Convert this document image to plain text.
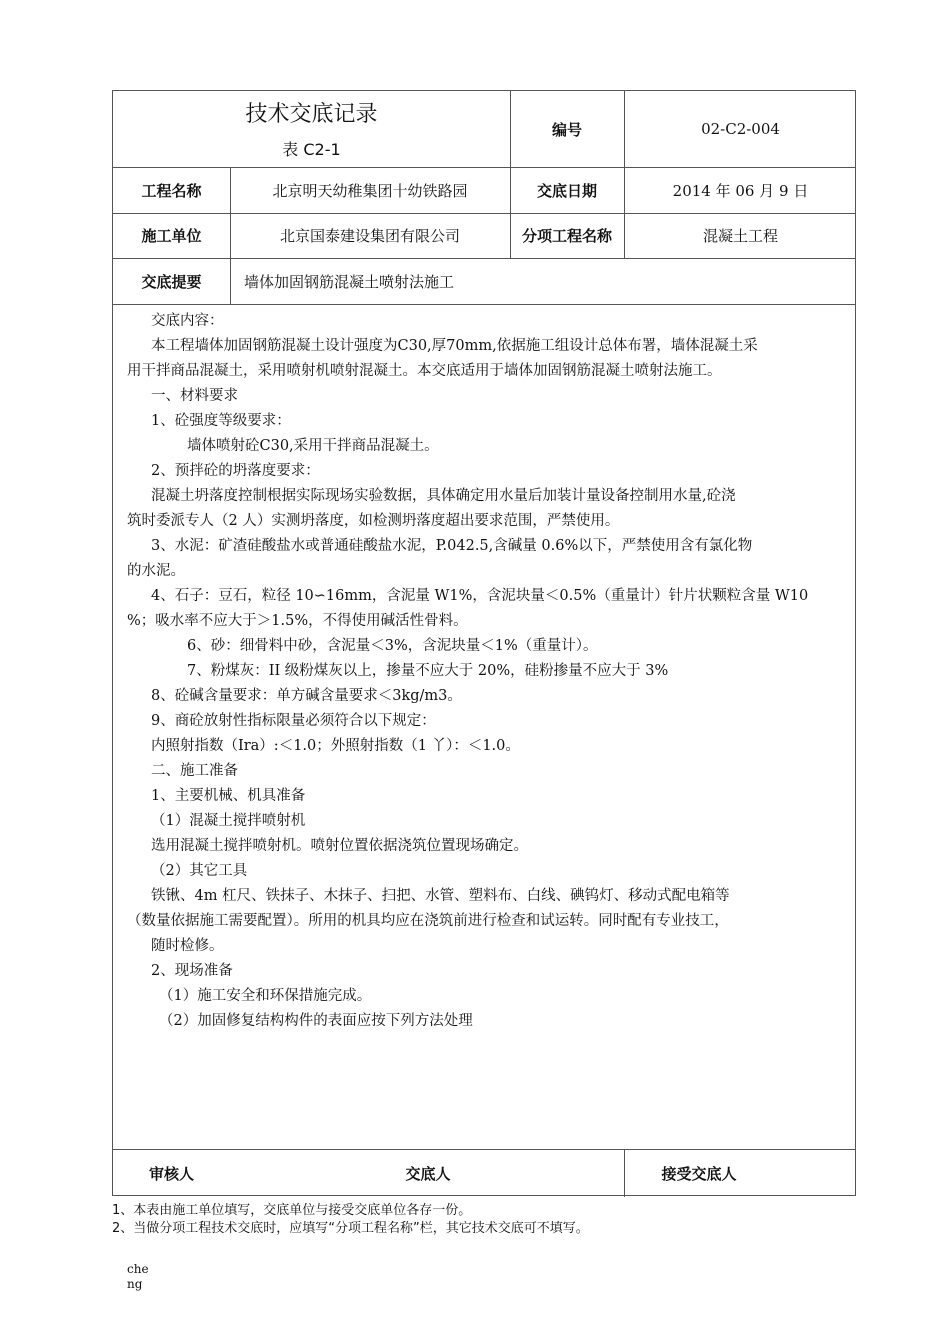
技术交底记录
表 C2-1
编号	02-C2-004
工程名称	北京明天幼稚集团十幼铁路园	交底日期	2014 年 06 月 9 日
施工单位	北京国泰建设集团有限公司	分项工程名称	混凝土工程
交底提要	墙体加固钢筋混凝土喷射法施工

交底内容：

本工程墙体加固钢筋混凝土设计强度为C30,厚70mm,依据施工组设计总体布署，墙体混凝土采

用干拌商品混凝土，采用喷射机喷射混凝土。本交底适用于墙体加固钢筋混凝土喷射法施工。

一、材料要求

1、砼强度等级要求：

墙体喷射砼C30,采用干拌商品混凝土。

2、预拌砼的坍落度要求：

混凝土坍落度控制根据实际现场实验数据，具体确定用水量后加装计量设备控制用水量,砼浇

筑时委派专人（2 人）实测坍落度，如检测坍落度超出要求范围，严禁使用。

3、水泥：矿渣硅酸盐水或普通硅酸盐水泥，P.042.5,含碱量 0.6%以下，严禁使用含有氯化物

的水泥。

4、石子：豆石，粒径 10∽16mm，含泥量 W1%，含泥块量＜0.5%（重量计）针片状颗粒含量 W10

%；吸水率不应大于＞1.5%，不得使用碱活性骨料。

6、砂：细骨料中砂，含泥量＜3%，含泥块量＜1%（重量计）。

7、粉煤灰：II 级粉煤灰以上，掺量不应大于 20%，硅粉掺量不应大于 3%

8、砼碱含量要求：单方碱含量要求＜3kg/m3。

9、商砼放射性指标限量必须符合以下规定：

内照射指数（Ira）:＜1.0；外照射指数（1 丫）：＜1.0。

二、施工准备

1、主要机械、机具准备

（1）混凝土搅拌喷射机

选用混凝土搅拌喷射机。喷射位置依据浇筑位置现场确定。

（2）其它工具

铁锹、4m 杠尺、铁抹子、木抹子、扫把、水管、塑料布、白线、碘钨灯、移动式配电箱等

（数量依据施工需要配置）。所用的机具均应在浇筑前进行检查和试运转。同时配有专业技工，

随时检修。

2、现场准备

（1）施工安全和环保措施完成。

（2）加固修复结构构件的表面应按下列方法处理

审核人	交底人	接受交底人
1、本表由施工单位填写，交底单位与接受交底单位各存一份。
2、当做分项工程技术交底时，应填写“分项工程名称”栏，其它技术交底可不填写。
che
ng
